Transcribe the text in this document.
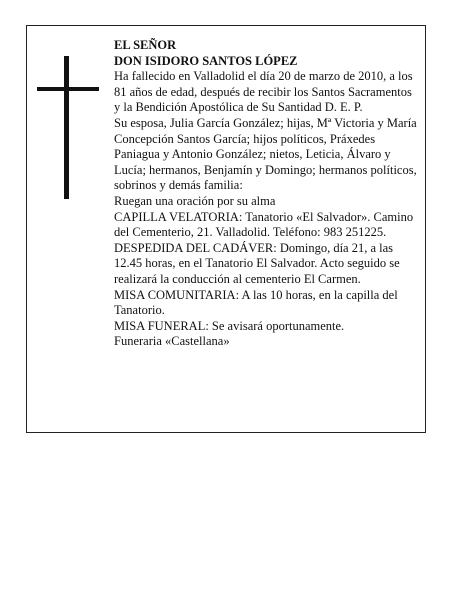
EL SEÑOR

DON ISIDORO SANTOS LÓPEZ

Ha fallecido en Valladolid el día 20 de marzo de 2010, a los 81 años de edad, después de recibir los Santos Sacramentos y la Bendición Apostólica de Su Santidad D. E. P.

Su esposa, Julia García González; hijas, Mª Victoria y María Concepción Santos García; hijos políticos, Práxedes Paniagua y Antonio González; nietos, Leticia, Álvaro y Lucía; hermanos, Benjamín y Domingo; hermanos políticos, sobrinos y demás familia:

Ruegan una oración por su alma

CAPILLA VELATORIA: Tanatorio «El Salvador». Camino del Cementerio, 21. Valladolid. Teléfono: 983 251225.

DESPEDIDA DEL CADÁVER: Domingo, día 21, a las 12.45 horas, en el Tanatorio El Salvador. Acto seguido se realizará la conducción al cementerio El Carmen.

MISA COMUNITARIA: A las 10 horas, en la capilla del Tanatorio.

MISA FUNERAL: Se avisará oportunamente.

Funeraria «Castellana»
